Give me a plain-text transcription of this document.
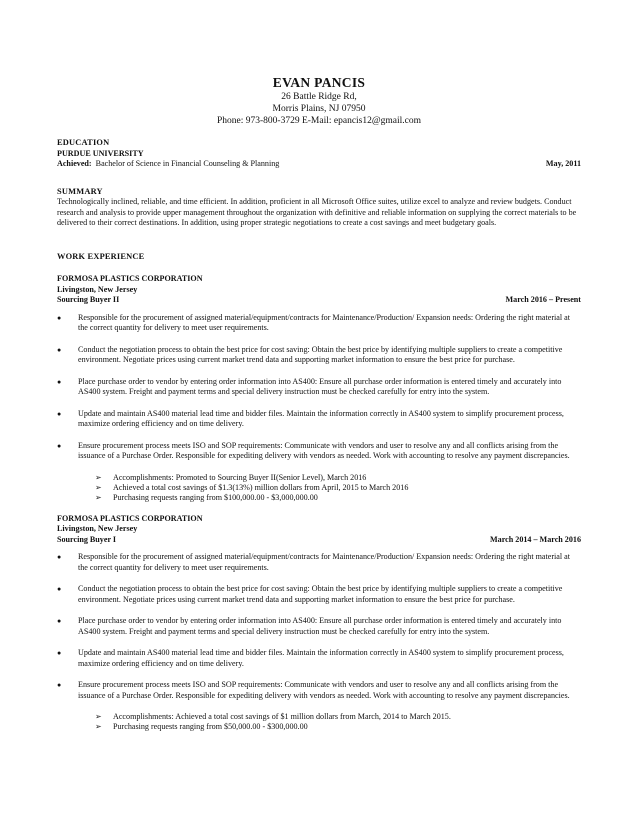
EVAN PANCIS
26 Battle Ridge Rd,
Morris Plains, NJ 07950
Phone: 973-800-3729 E-Mail: epancis12@gmail.com
EDUCATION
PURDUE UNIVERSITY
Achieved: Bachelor of Science in Financial Counseling & Planning	May, 2011
SUMMARY
Technologically inclined, reliable, and time efficient. In addition, proficient in all Microsoft Office suites, utilize excel to analyze and review budgets. Conduct research and analysis to provide upper management throughout the organization with definitive and reliable information on supplying the correct materials to be delivered to their correct destinations. In addition, using proper strategic negotiations to create a cost savings and meet budgetary goals.
WORK EXPERIENCE
FORMOSA PLASTICS CORPORATION
Livingston, New Jersey
Sourcing Buyer II	March 2016 – Present
● Responsible for the procurement of assigned material/equipment/contracts for Maintenance/Production/ Expansion needs: Ordering the right material at the correct quantity for delivery to meet user requirements.
● Conduct the negotiation process to obtain the best price for cost saving: Obtain the best price by identifying multiple suppliers to create a competitive environment. Negotiate prices using current market trend data and supporting market information to ensure the best price for purchase.
● Place purchase order to vendor by entering order information into AS400: Ensure all purchase order information is entered timely and accurately into AS400 system. Freight and payment terms and special delivery instruction must be checked carefully for entry into the system.
● Update and maintain AS400 material lead time and bidder files. Maintain the information correctly in AS400 system to simplify procurement process, maximize ordering efficiency and on time delivery.
● Ensure procurement process meets ISO and SOP requirements: Communicate with vendors and user to resolve any and all conflicts arising from the issuance of a Purchase Order. Responsible for expediting delivery with vendors as needed. Work with accounting to resolve any payment discrepancies.
➢ Accomplishments: Promoted to Sourcing Buyer II(Senior Level), March 2016
➢ Achieved a total cost savings of $1.3(13%) million dollars from April, 2015 to March 2016
➢ Purchasing requests ranging from $100,000.00 - $3,000,000.00
FORMOSA PLASTICS CORPORATION
Livingston, New Jersey
Sourcing Buyer I	March 2014 – March 2016
● Responsible for the procurement of assigned material/equipment/contracts for Maintenance/Production/ Expansion needs: Ordering the right material at the correct quantity for delivery to meet user requirements.
● Conduct the negotiation process to obtain the best price for cost saving: Obtain the best price by identifying multiple suppliers to create a competitive environment. Negotiate prices using current market trend data and supporting market information to ensure the best price for purchase.
● Place purchase order to vendor by entering order information into AS400: Ensure all purchase order information is entered timely and accurately into AS400 system. Freight and payment terms and special delivery instruction must be checked carefully for entry into the system.
● Update and maintain AS400 material lead time and bidder files. Maintain the information correctly in AS400 system to simplify procurement process, maximize ordering efficiency and on time delivery.
● Ensure procurement process meets ISO and SOP requirements: Communicate with vendors and user to resolve any and all conflicts arising from the issuance of a Purchase Order. Responsible for expediting delivery with vendors as needed. Work with accounting to resolve any payment discrepancies.
➢ Accomplishments: Achieved a total cost savings of $1 million dollars from March, 2014 to March 2015.
➢ Purchasing requests ranging from $50,000.00 - $300,000.00
